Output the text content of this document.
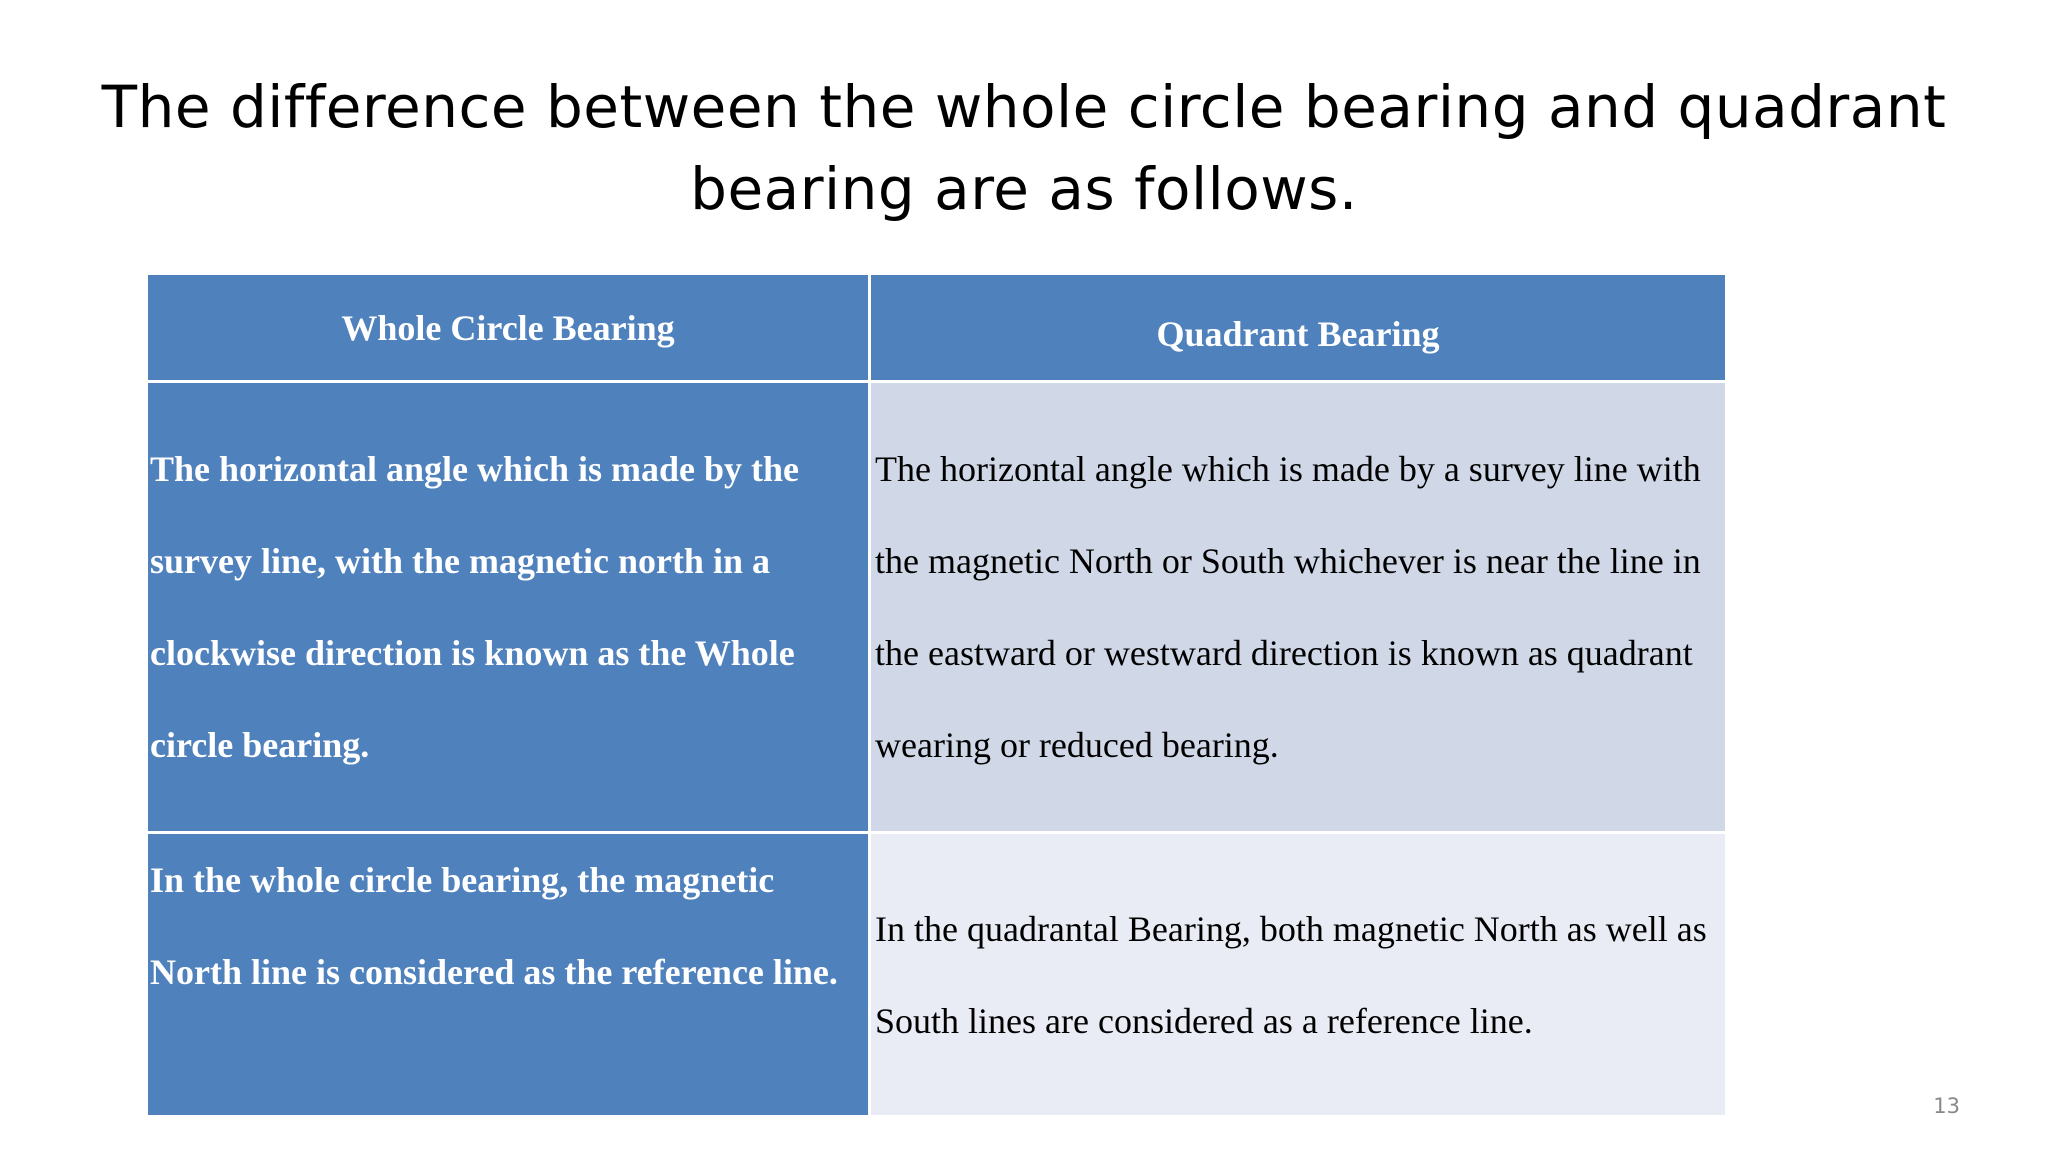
The difference between the whole circle bearing and quadrant bearing are as follows.
Whole Circle Bearing	Quadrant Bearing
The horizontal angle which is made by the survey line, with the magnetic north in a clockwise direction is known as the Whole circle bearing.	The horizontal angle which is made by a survey line with the magnetic North or South whichever is near the line in the eastward or westward direction is known as quadrant wearing or reduced bearing.
In the whole circle bearing, the magnetic North line is considered as the reference line.	In the quadrantal Bearing, both magnetic North as well as South lines are considered as a reference line.
13
